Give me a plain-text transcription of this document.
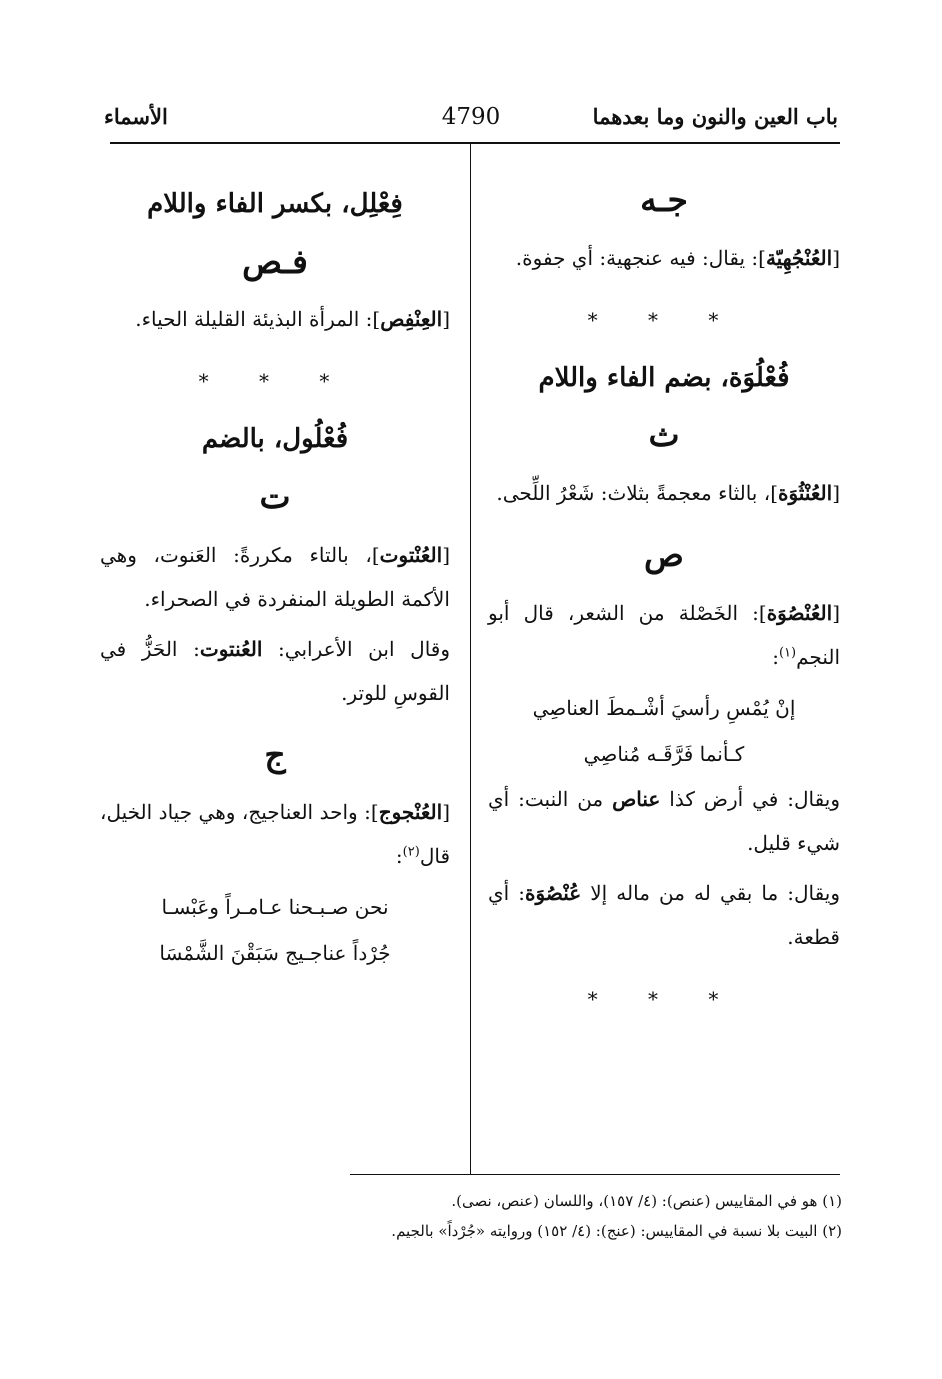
باب العين والنون وما بعدهما
4790
الأسماء
جـه

[العُنْجُهِيّة]: يقال: فيه عنجهية: أي جفوة.

* * *
فُعْلُوَة، بضم الفاء واللام
ث

[العُنْثُوَة]، بالثاء معجمةً بثلاث: شَعْرُ اللِّحى.

ص

[العُنْصُوَة]: الخَصْلة من الشعر، قال أبو النجم$^{(١)}$:

إنْ يُمْسِ رأسيَ أشْـمطَ العناصِي
كـأنما فَرَّقَـه مُناصِي

ويقال: في أرض كذا عناص من النبت: أي شيء قليل.

ويقال: ما بقي له من ماله إلا عُنْصُوَة: أي قطعة.

* * *
فِعْلِل، بكسر الفاء واللام
فـص

[العِنْفِص]: المرأة البذيئة القليلة الحياء.

* * *
فُعْلُول، بالضم
ت

[العُنْتوت]، بالتاء مكررةً: العَنوت، وهي الأكمة الطويلة المنفردة في الصحراء.

وقال ابن الأعرابي: العُنتوت: الحَزُّ في القوسِ للوتر.

ج

[العُنْجوج]: واحد العناجيج، وهي جياد الخيل، قال$^{(٢)}$:

نحن صـبـحنا عـامـراً وعَبْسـا
جُرْداً عناجـيج سَبَقْنَ الشَّمْسَا

(١) هو في المقاييس (عنص): (٤/ ١٥٧)، واللسان (عنص، نصى).

(٢) البيت بلا نسبة في المقاييس: (عنج): (٤/ ١٥٢) وروايته «جُرْداً» بالجيم.
